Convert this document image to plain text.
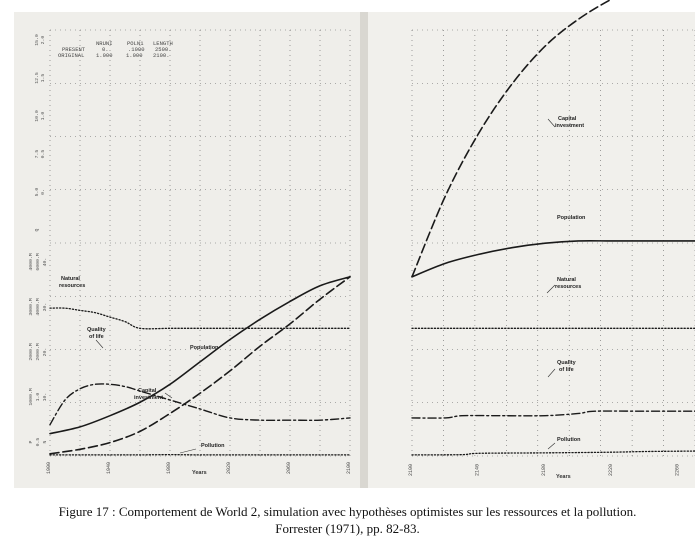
NRUNI	POLN1 LENGTH
PRESENT	0.	.1000 2500.
ORIGINAL 1.000 1.000 2100.
4000.M
3000.M
2000.M
1000.M
P
6000.M
4000.M
2000.M
1.0
0.5
40.
30.
20.
10.
N
15.0
12.5
10.0
7.5
5.0
Q
2.0
1.5
1.0
0.5
0.
1900	1940	1980	2020	2060	2100	2100	2140	2180	2220	2260
Years
Years
Natural
resources
Quality
of life
Population
Capital
investment
Pollution
Capital
investment
Population
Natural
resources
Quality
of life
Pollution
Figure 17 : Comportement de World 2, simulation avec hypothèses optimistes sur les ressources et la pollution.
Forrester (1971), pp. 82-83.
